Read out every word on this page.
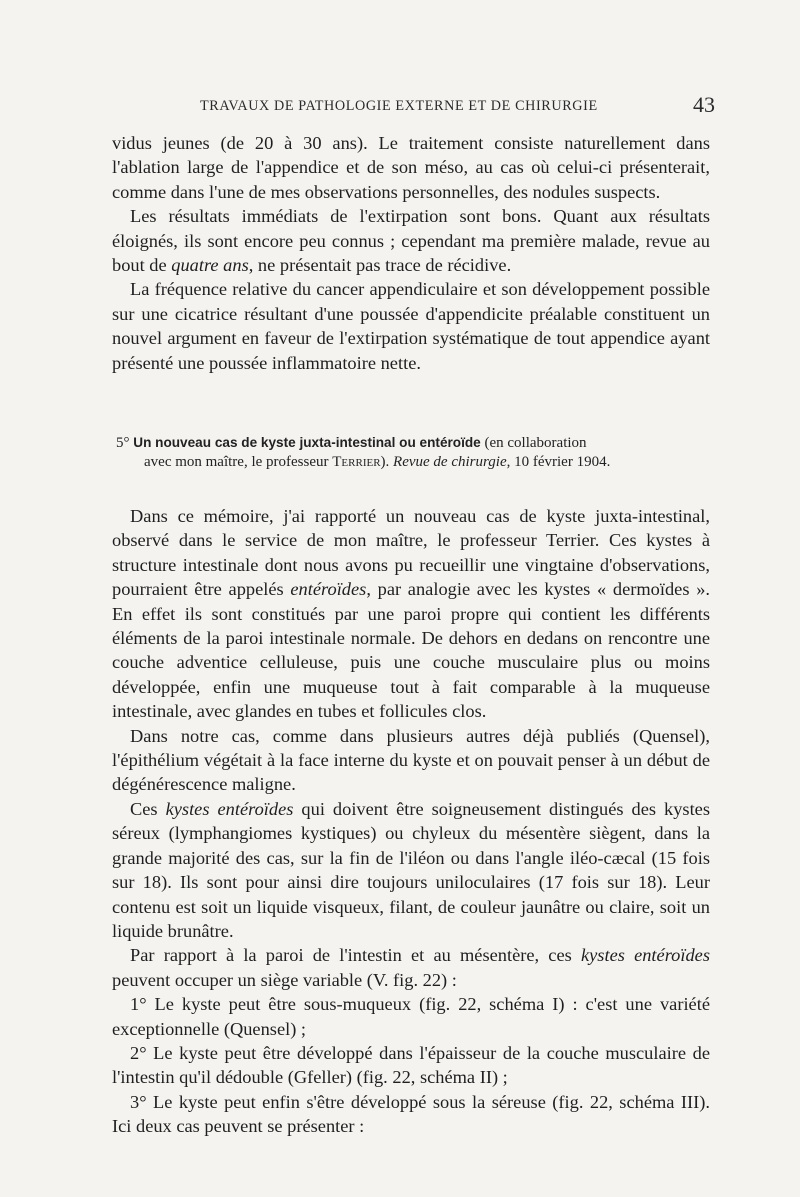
TRAVAUX DE PATHOLOGIE EXTERNE ET DE CHIRURGIE	43

vidus jeunes (de 20 à 30 ans). Le traitement consiste naturellement dans l'ablation large de l'appendice et de son méso, au cas où celui-ci présenterait, comme dans l'une de mes observations personnelles, des nodules suspects.

Les résultats immédiats de l'extirpation sont bons. Quant aux résultats éloignés, ils sont encore peu connus ; cependant ma première malade, revue au bout de quatre ans, ne présentait pas trace de récidive.

La fréquence relative du cancer appendiculaire et son développement possible sur une cicatrice résultant d'une poussée d'appendicite préalable constituent un nouvel argument en faveur de l'extirpation systématique de tout appendice ayant présenté une poussée inflammatoire nette.

5° Un nouveau cas de kyste juxta-intestinal ou entéroïde (en collaboration
avec mon maître, le professeur Terrier). Revue de chirurgie, 10 février 1904.

Dans ce mémoire, j'ai rapporté un nouveau cas de kyste juxta-intestinal, observé dans le service de mon maître, le professeur Terrier. Ces kystes à structure intestinale dont nous avons pu recueillir une vingtaine d'observations, pourraient être appelés entéroïdes, par analogie avec les kystes « dermoïdes ». En effet ils sont constitués par une paroi propre qui contient les différents éléments de la paroi intestinale normale. De dehors en dedans on rencontre une couche adventice celluleuse, puis une couche musculaire plus ou moins développée, enfin une muqueuse tout à fait comparable à la muqueuse intestinale, avec glandes en tubes et follicules clos.

Dans notre cas, comme dans plusieurs autres déjà publiés (Quensel), l'épithélium végétait à la face interne du kyste et on pouvait penser à un début de dégénérescence maligne.

Ces kystes entéroïdes qui doivent être soigneusement distingués des kystes séreux (lymphangiomes kystiques) ou chyleux du mésentère siègent, dans la grande majorité des cas, sur la fin de l'iléon ou dans l'angle iléo-cæcal (15 fois sur 18). Ils sont pour ainsi dire toujours uniloculaires (17 fois sur 18). Leur contenu est soit un liquide visqueux, filant, de couleur jaunâtre ou claire, soit un liquide brunâtre.

Par rapport à la paroi de l'intestin et au mésentère, ces kystes entéroïdes peuvent occuper un siège variable (V. fig. 22) :

1° Le kyste peut être sous-muqueux (fig. 22, schéma I) : c'est une variété exceptionnelle (Quensel) ;

2° Le kyste peut être développé dans l'épaisseur de la couche musculaire de l'intestin qu'il dédouble (Gfeller) (fig. 22, schéma II) ;

3° Le kyste peut enfin s'être développé sous la séreuse (fig. 22, schéma III). Ici deux cas peuvent se présenter :
